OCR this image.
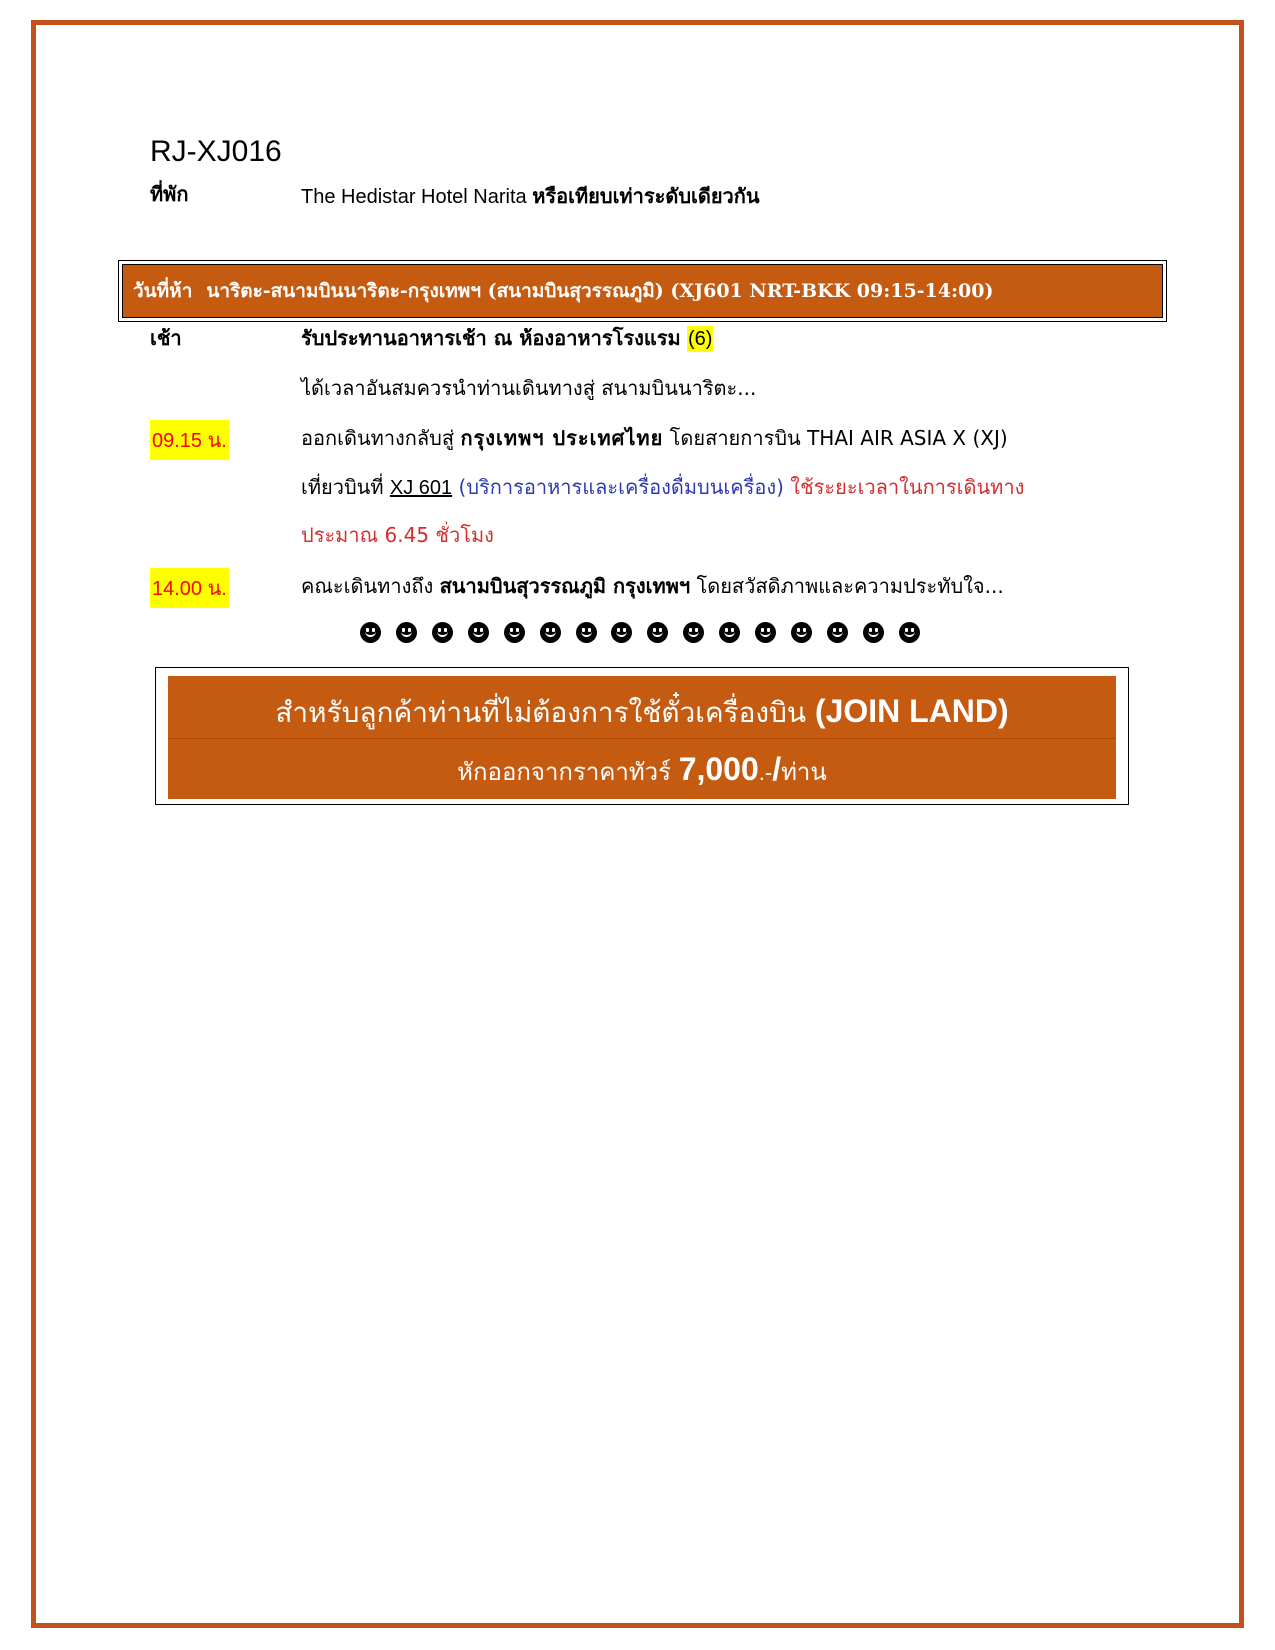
RJ-XJ016
ที่พัก	The Hedistar Hotel Narita หรือเทียบเท่าระดับเดียวกัน
วันที่ห้า นาริตะ-สนามบินนาริตะ-กรุงเทพฯ (สนามบินสุวรรณภูมิ) (XJ601 NRT-BKK 09:15-14:00)
เช้า	รับประทานอาหารเช้า ณ ห้องอาหารโรงแรม (6)
ได้เวลาอันสมควรนำท่านเดินทางสู่ สนามบินนาริตะ...
09.15 น.	ออกเดินทางกลับสู่ กรุงเทพฯ ประเทศไทย โดยสายการบิน THAI AIR ASIA X (XJ)
เที่ยวบินที่ XJ 601 (บริการอาหารและเครื่องดื่มบนเครื่อง) ใช้ระยะเวลาในการเดินทาง
ประมาณ 6.45 ชั่วโมง
14.00 น.	คณะเดินทางถึง สนามบินสุวรรณภูมิ กรุงเทพฯ โดยสวัสดิภาพและความประทับใจ...
สำหรับลูกค้าท่านที่ไม่ต้องการใช้ตั๋วเครื่องบิน (JOIN LAND)
หักออกจากราคาทัวร์ 7,000.-/ท่าน
